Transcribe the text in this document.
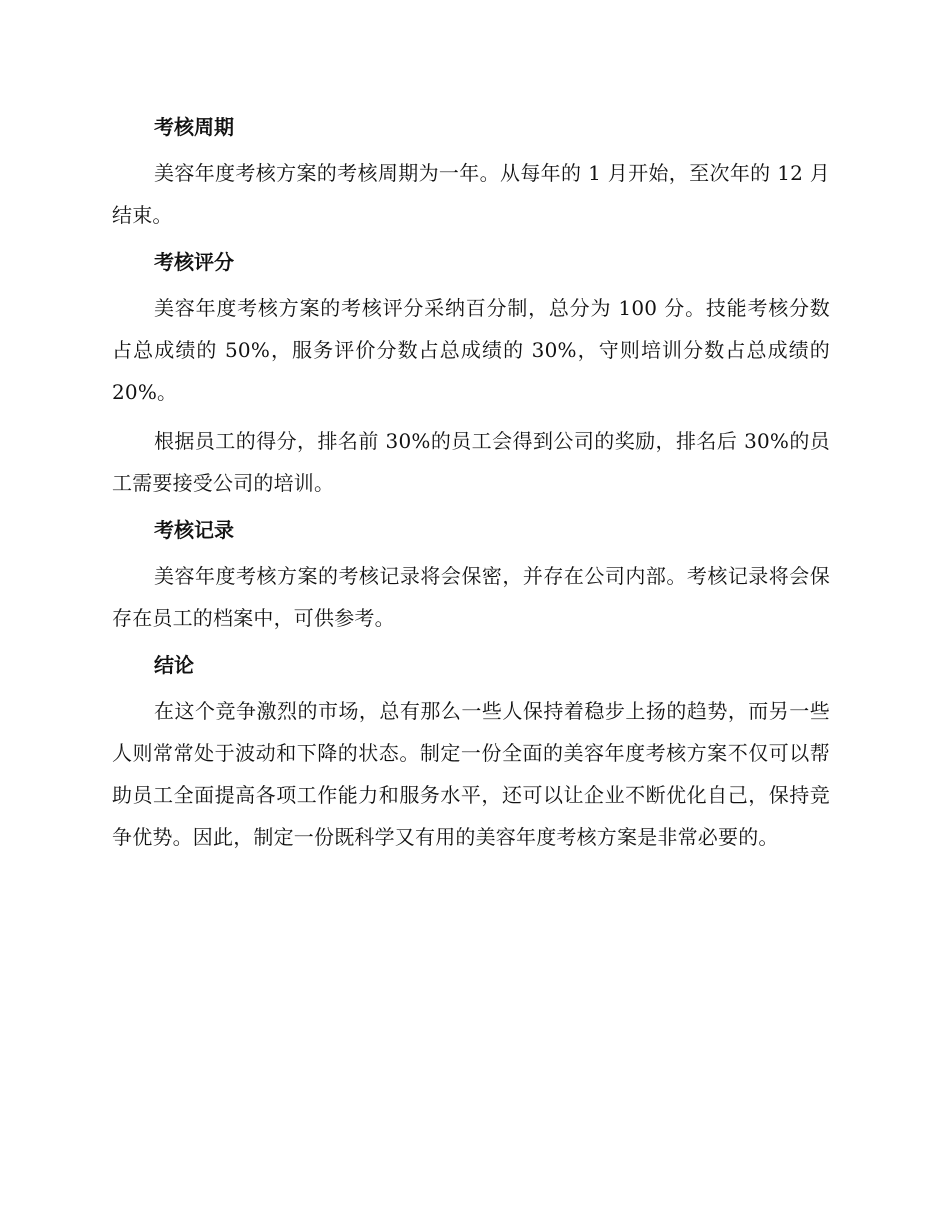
考核周期

美容年度考核方案的考核周期为一年。从每年的 1 月开始，至次年的 12 月结束。

考核评分

美容年度考核方案的考核评分采纳百分制，总分为 100 分。技能考核分数占总成绩的 50%，服务评价分数占总成绩的 30%，守则培训分数占总成绩的 20%。

根据员工的得分，排名前 30%的员工会得到公司的奖励，排名后 30%的员工需要接受公司的培训。

考核记录

美容年度考核方案的考核记录将会保密，并存在公司内部。考核记录将会保存在员工的档案中，可供参考。

结论

在这个竞争激烈的市场，总有那么一些人保持着稳步上扬的趋势，而另一些人则常常处于波动和下降的状态。制定一份全面的美容年度考核方案不仅可以帮助员工全面提高各项工作能力和服务水平，还可以让企业不断优化自己，保持竞争优势。因此，制定一份既科学又有用的美容年度考核方案是非常必要的。
